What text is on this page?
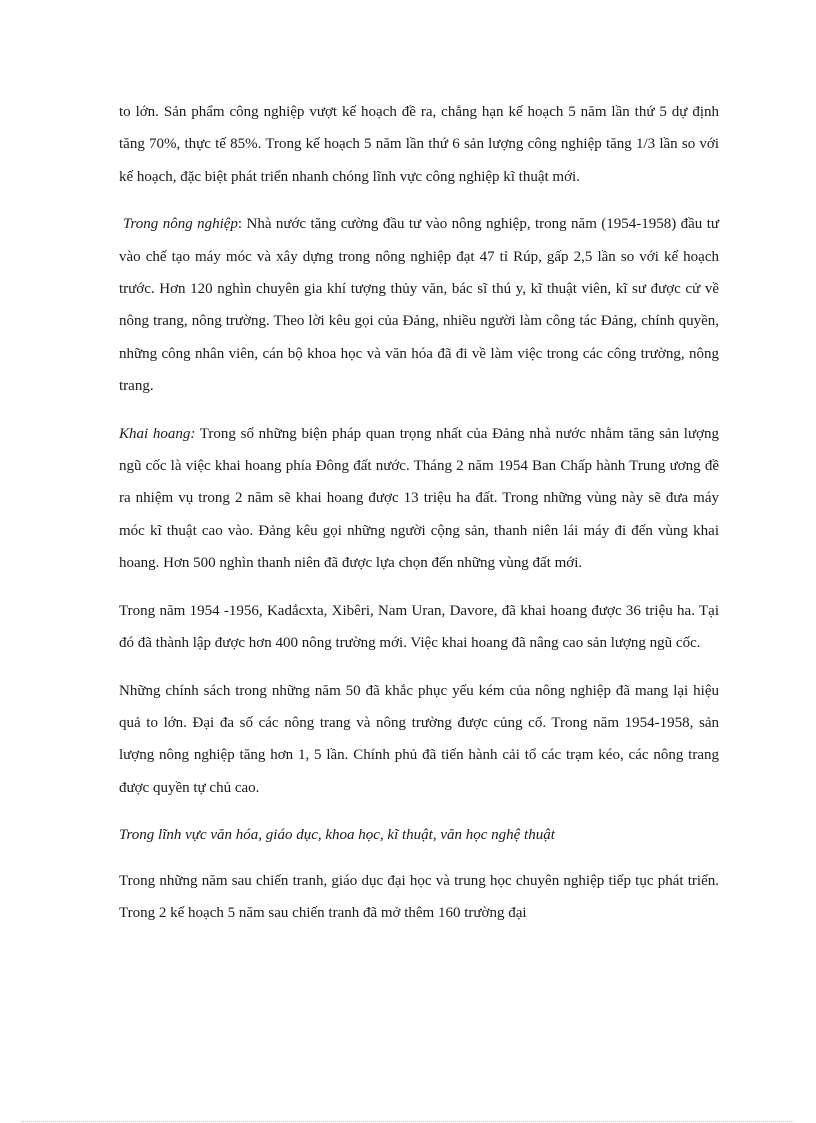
to lớn. Sản phẩm công nghiệp vượt kế hoạch đề ra, chẳng hạn kế hoạch 5 năm lần thứ 5 dự định tăng 70%, thực tế 85%. Trong kế hoạch 5 năm lần thứ 6 sản lượng công nghiệp tăng 1/3 lần so với kế hoạch, đặc biệt phát triển nhanh chóng lĩnh vực công nghiệp kĩ thuật mới.

Trong nông nghiệp: Nhà nước tăng cường đầu tư vào nông nghiệp, trong năm (1954-1958) đầu tư vào chế tạo máy móc và xây dựng trong nông nghiệp đạt 47 tỉ Rúp, gấp 2,5 lần so với kế hoạch trước. Hơn 120 nghìn chuyên gia khí tượng thủy văn, bác sĩ thú y, kĩ thuật viên, kĩ sư được cử về nông trang, nông trường. Theo lời kêu gọi của Đảng, nhiều người làm công tác Đảng, chính quyền, những công nhân viên, cán bộ khoa học và văn hóa đã đi về làm việc trong các công trường, nông trang.

Khai hoang: Trong số những biện pháp quan trọng nhất của Đảng nhà nước nhằm tăng sản lượng ngũ cốc là việc khai hoang phía Đông đất nước. Tháng 2 năm 1954 Ban Chấp hành Trung ương đề ra nhiệm vụ trong 2 năm sẽ khai hoang được 13 triệu ha đất. Trong những vùng này sẽ đưa máy móc kĩ thuật cao vào. Đảng kêu gọi những người cộng sản, thanh niên lái máy đi đến vùng khai hoang. Hơn 500 nghìn thanh niên đã được lựa chọn đến những vùng đất mới.

Trong năm 1954 -1956, Kadắcxta, Xibêri, Nam Uran, Davore, đã khai hoang được 36 triệu ha. Tại đó đã thành lập được hơn 400 nông trường mới. Việc khai hoang đã nâng cao sản lượng ngũ cốc.

Những chính sách trong những năm 50 đã khắc phục yếu kém của nông nghiệp đã mang lại hiệu quả to lớn. Đại đa số các nông trang và nông trường được củng cố. Trong năm 1954-1958, sản lượng nông nghiệp tăng hơn 1, 5 lần. Chính phủ đã tiến hành cải tổ các trạm kéo, các nông trang được quyền tự chủ cao.

Trong lĩnh vực văn hóa, giáo dục, khoa học, kĩ thuật, văn học nghệ thuật

Trong những năm sau chiến tranh, giáo dục đại học và trung học chuyên nghiệp tiếp tục phát triển. Trong 2 kế hoạch 5 năm sau chiến tranh đã mở thêm 160 trường đại
